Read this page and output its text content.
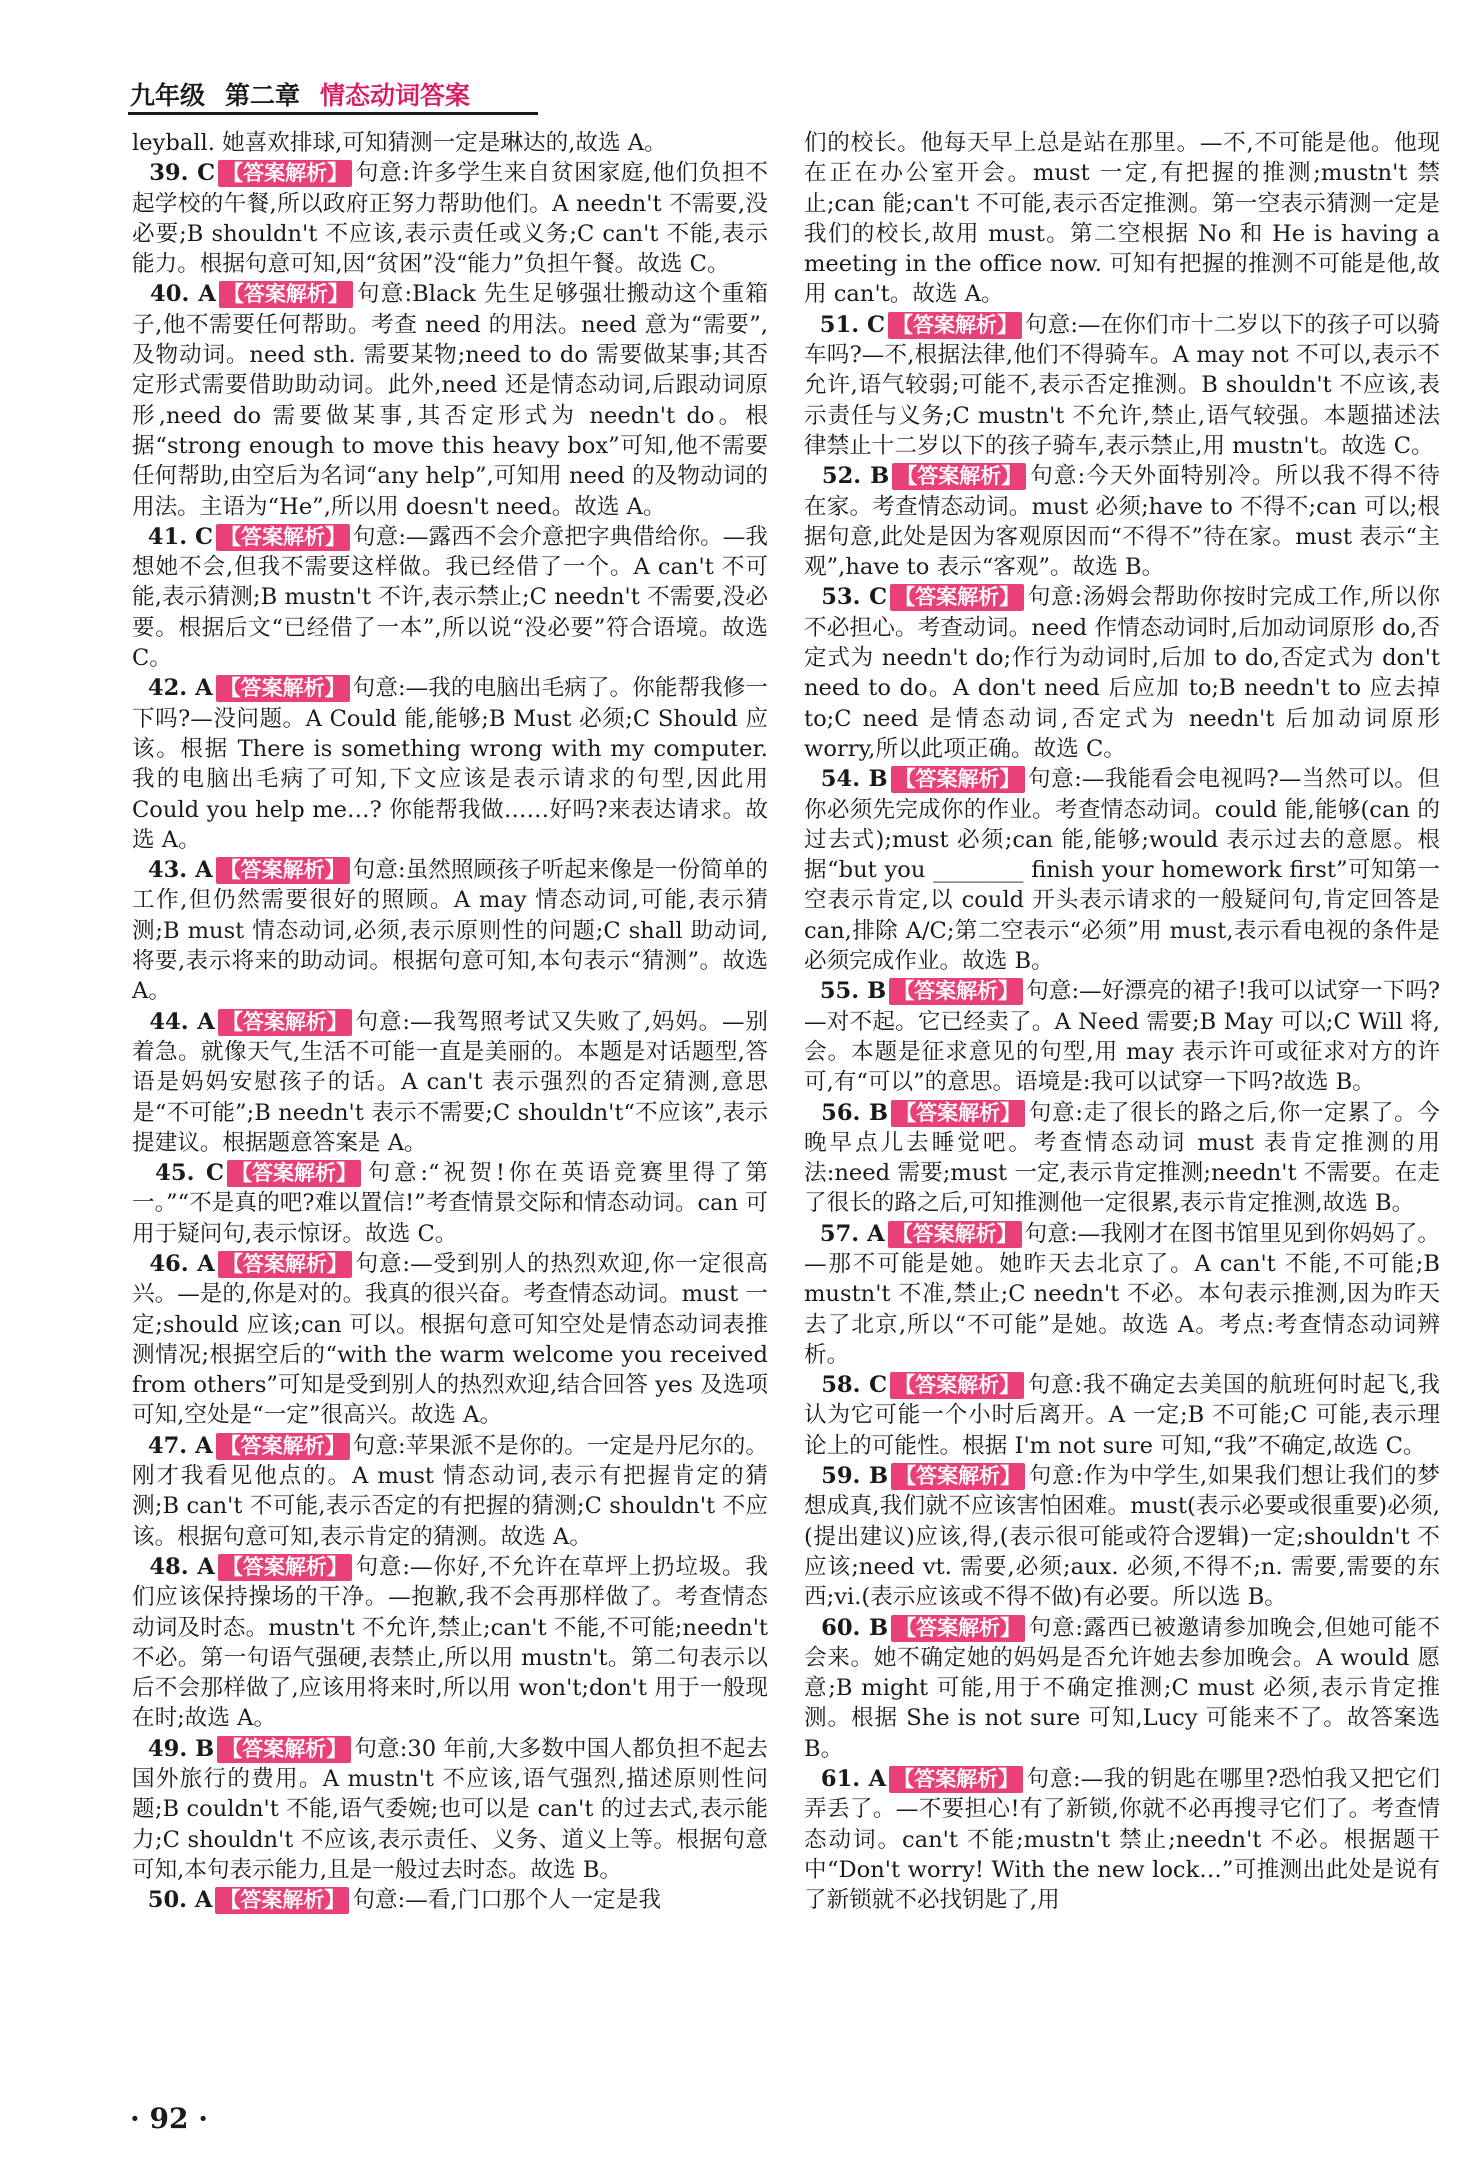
九年级 第二章 情态动词答案

leyball. 她喜欢排球,可知猜测一定是琳达的,故选 A。

39. C 【答案解析】 句意:许多学生来自贫困家庭,他们负担不起学校的午餐,所以政府正努力帮助他们。A needn't 不需要,没必要;B shouldn't 不应该,表示责任或义务;C can't 不能,表示能力。根据句意可知,因“贫困”没“能力”负担午餐。故选 C。

40. A 【答案解析】 句意:Black 先生足够强壮搬动这个重箱子,他不需要任何帮助。考查 need 的用法。need 意为“需要”,及物动词。need sth. 需要某物;need to do 需要做某事;其否定形式需要借助助动词。此外,need 还是情态动词,后跟动词原形,need do 需要做某事,其否定形式为 needn't do。根据“strong enough to move this heavy box”可知,他不需要任何帮助,由空后为名词“any help”,可知用 need 的及物动词的用法。主语为“He”,所以用 doesn't need。故选 A。

41. C 【答案解析】 句意:—露西不会介意把字典借给你。—我想她不会,但我不需要这样做。我已经借了一个。A can't 不可能,表示猜测;B mustn't 不许,表示禁止;C needn't 不需要,没必要。根据后文“已经借了一本”,所以说“没必要”符合语境。故选 C。

42. A 【答案解析】 句意:—我的电脑出毛病了。你能帮我修一下吗?—没问题。A Could 能,能够;B Must 必须;C Should 应该。根据 There is something wrong with my computer. 我的电脑出毛病了可知,下文应该是表示请求的句型,因此用 Could you help me…? 你能帮我做……好吗?来表达请求。故选 A。

43. A 【答案解析】 句意:虽然照顾孩子听起来像是一份简单的工作,但仍然需要很好的照顾。A may 情态动词,可能,表示猜测;B must 情态动词,必须,表示原则性的问题;C shall 助动词,将要,表示将来的助动词。根据句意可知,本句表示“猜测”。故选 A。

44. A 【答案解析】 句意:—我驾照考试又失败了,妈妈。—别着急。就像天气,生活不可能一直是美丽的。本题是对话题型,答语是妈妈安慰孩子的话。A can't 表示强烈的否定猜测,意思是“不可能”;B needn't 表示不需要;C shouldn't“不应该”,表示提建议。根据题意答案是 A。

45. C 【答案解析】 句意:“祝贺!你在英语竞赛里得了第一。”“不是真的吧?难以置信!”考查情景交际和情态动词。can 可用于疑问句,表示惊讶。故选 C。

46. A 【答案解析】 句意:—受到别人的热烈欢迎,你一定很高兴。—是的,你是对的。我真的很兴奋。考查情态动词。must 一定;should 应该;can 可以。根据句意可知空处是情态动词表推测情况;根据空后的“with the warm welcome you received from others”可知是受到别人的热烈欢迎,结合回答 yes 及选项可知,空处是“一定”很高兴。故选 A。

47. A 【答案解析】 句意:苹果派不是你的。一定是丹尼尔的。刚才我看见他点的。A must 情态动词,表示有把握肯定的猜测;B can't 不可能,表示否定的有把握的猜测;C shouldn't 不应该。根据句意可知,表示肯定的猜测。故选 A。

48. A 【答案解析】 句意:—你好,不允许在草坪上扔垃圾。我们应该保持操场的干净。—抱歉,我不会再那样做了。考查情态动词及时态。mustn't 不允许,禁止;can't 不能,不可能;needn't 不必。第一句语气强硬,表禁止,所以用 mustn't。第二句表示以后不会那样做了,应该用将来时,所以用 won't;don't 用于一般现在时;故选 A。

49. B 【答案解析】 句意:30 年前,大多数中国人都负担不起去国外旅行的费用。A mustn't 不应该,语气强烈,描述原则性问题;B couldn't 不能,语气委婉;也可以是 can't 的过去式,表示能力;C shouldn't 不应该,表示责任、义务、道义上等。根据句意可知,本句表示能力,且是一般过去时态。故选 B。

50. A 【答案解析】 句意:—看,门口那个人一定是我

们的校长。他每天早上总是站在那里。—不,不可能是他。他现在正在办公室开会。must 一定,有把握的推测;mustn't 禁止;can 能;can't 不可能,表示否定推测。第一空表示猜测一定是我们的校长,故用 must。第二空根据 No 和 He is having a meeting in the office now. 可知有把握的推测不可能是他,故用 can't。故选 A。

51. C 【答案解析】 句意:—在你们市十二岁以下的孩子可以骑车吗?—不,根据法律,他们不得骑车。A may not 不可以,表示不允许,语气较弱;可能不,表示否定推测。B shouldn't 不应该,表示责任与义务;C mustn't 不允许,禁止,语气较强。本题描述法律禁止十二岁以下的孩子骑车,表示禁止,用 mustn't。故选 C。

52. B 【答案解析】 句意:今天外面特别冷。所以我不得不待在家。考查情态动词。must 必须;have to 不得不;can 可以;根据句意,此处是因为客观原因而“不得不”待在家。must 表示“主观”,have to 表示“客观”。故选 B。

53. C 【答案解析】 句意:汤姆会帮助你按时完成工作,所以你不必担心。考查动词。need 作情态动词时,后加动词原形 do,否定式为 needn't do;作行为动词时,后加 to do,否定式为 don't need to do。A don't need 后应加 to;B needn't to 应去掉 to;C need 是情态动词,否定式为 needn't 后加动词原形 worry,所以此项正确。故选 C。

54. B 【答案解析】 句意:—我能看会电视吗?—当然可以。但你必须先完成你的作业。考查情态动词。could 能,能够(can 的过去式);must 必须;can 能,能够;would 表示过去的意愿。根据“but you ________ finish your homework first”可知第一空表示肯定,以 could 开头表示请求的一般疑问句,肯定回答是 can,排除 A/C;第二空表示“必须”用 must,表示看电视的条件是必须完成作业。故选 B。

55. B 【答案解析】 句意:—好漂亮的裙子!我可以试穿一下吗?—对不起。它已经卖了。A Need 需要;B May 可以;C Will 将,会。本题是征求意见的句型,用 may 表示许可或征求对方的许可,有“可以”的意思。语境是:我可以试穿一下吗?故选 B。

56. B 【答案解析】 句意:走了很长的路之后,你一定累了。今晚早点儿去睡觉吧。考查情态动词 must 表肯定推测的用法:need 需要;must 一定,表示肯定推测;needn't 不需要。在走了很长的路之后,可知推测他一定很累,表示肯定推测,故选 B。

57. A 【答案解析】 句意:—我刚才在图书馆里见到你妈妈了。—那不可能是她。她昨天去北京了。A can't 不能,不可能;B mustn't 不准,禁止;C needn't 不必。本句表示推测,因为昨天去了北京,所以“不可能”是她。故选 A。考点:考查情态动词辨析。

58. C 【答案解析】 句意:我不确定去美国的航班何时起飞,我认为它可能一个小时后离开。A 一定;B 不可能;C 可能,表示理论上的可能性。根据 I'm not sure 可知,“我”不确定,故选 C。

59. B 【答案解析】 句意:作为中学生,如果我们想让我们的梦想成真,我们就不应该害怕困难。must(表示必要或很重要)必须,(提出建议)应该,得,(表示很可能或符合逻辑)一定;shouldn't 不应该;need vt. 需要,必须;aux. 必须,不得不;n. 需要,需要的东西;vi.(表示应该或不得不做)有必要。所以选 B。

60. B 【答案解析】 句意:露西已被邀请参加晚会,但她可能不会来。她不确定她的妈妈是否允许她去参加晚会。A would 愿意;B might 可能,用于不确定推测;C must 必须,表示肯定推测。根据 She is not sure 可知,Lucy 可能来不了。故答案选 B。

61. A 【答案解析】 句意:—我的钥匙在哪里?恐怕我又把它们弄丢了。—不要担心!有了新锁,你就不必再搜寻它们了。考查情态动词。can't 不能;mustn't 禁止;needn't 不必。根据题干中“Don't worry! With the new lock…”可推测出此处是说有了新锁就不必找钥匙了,用

· 92 ·
